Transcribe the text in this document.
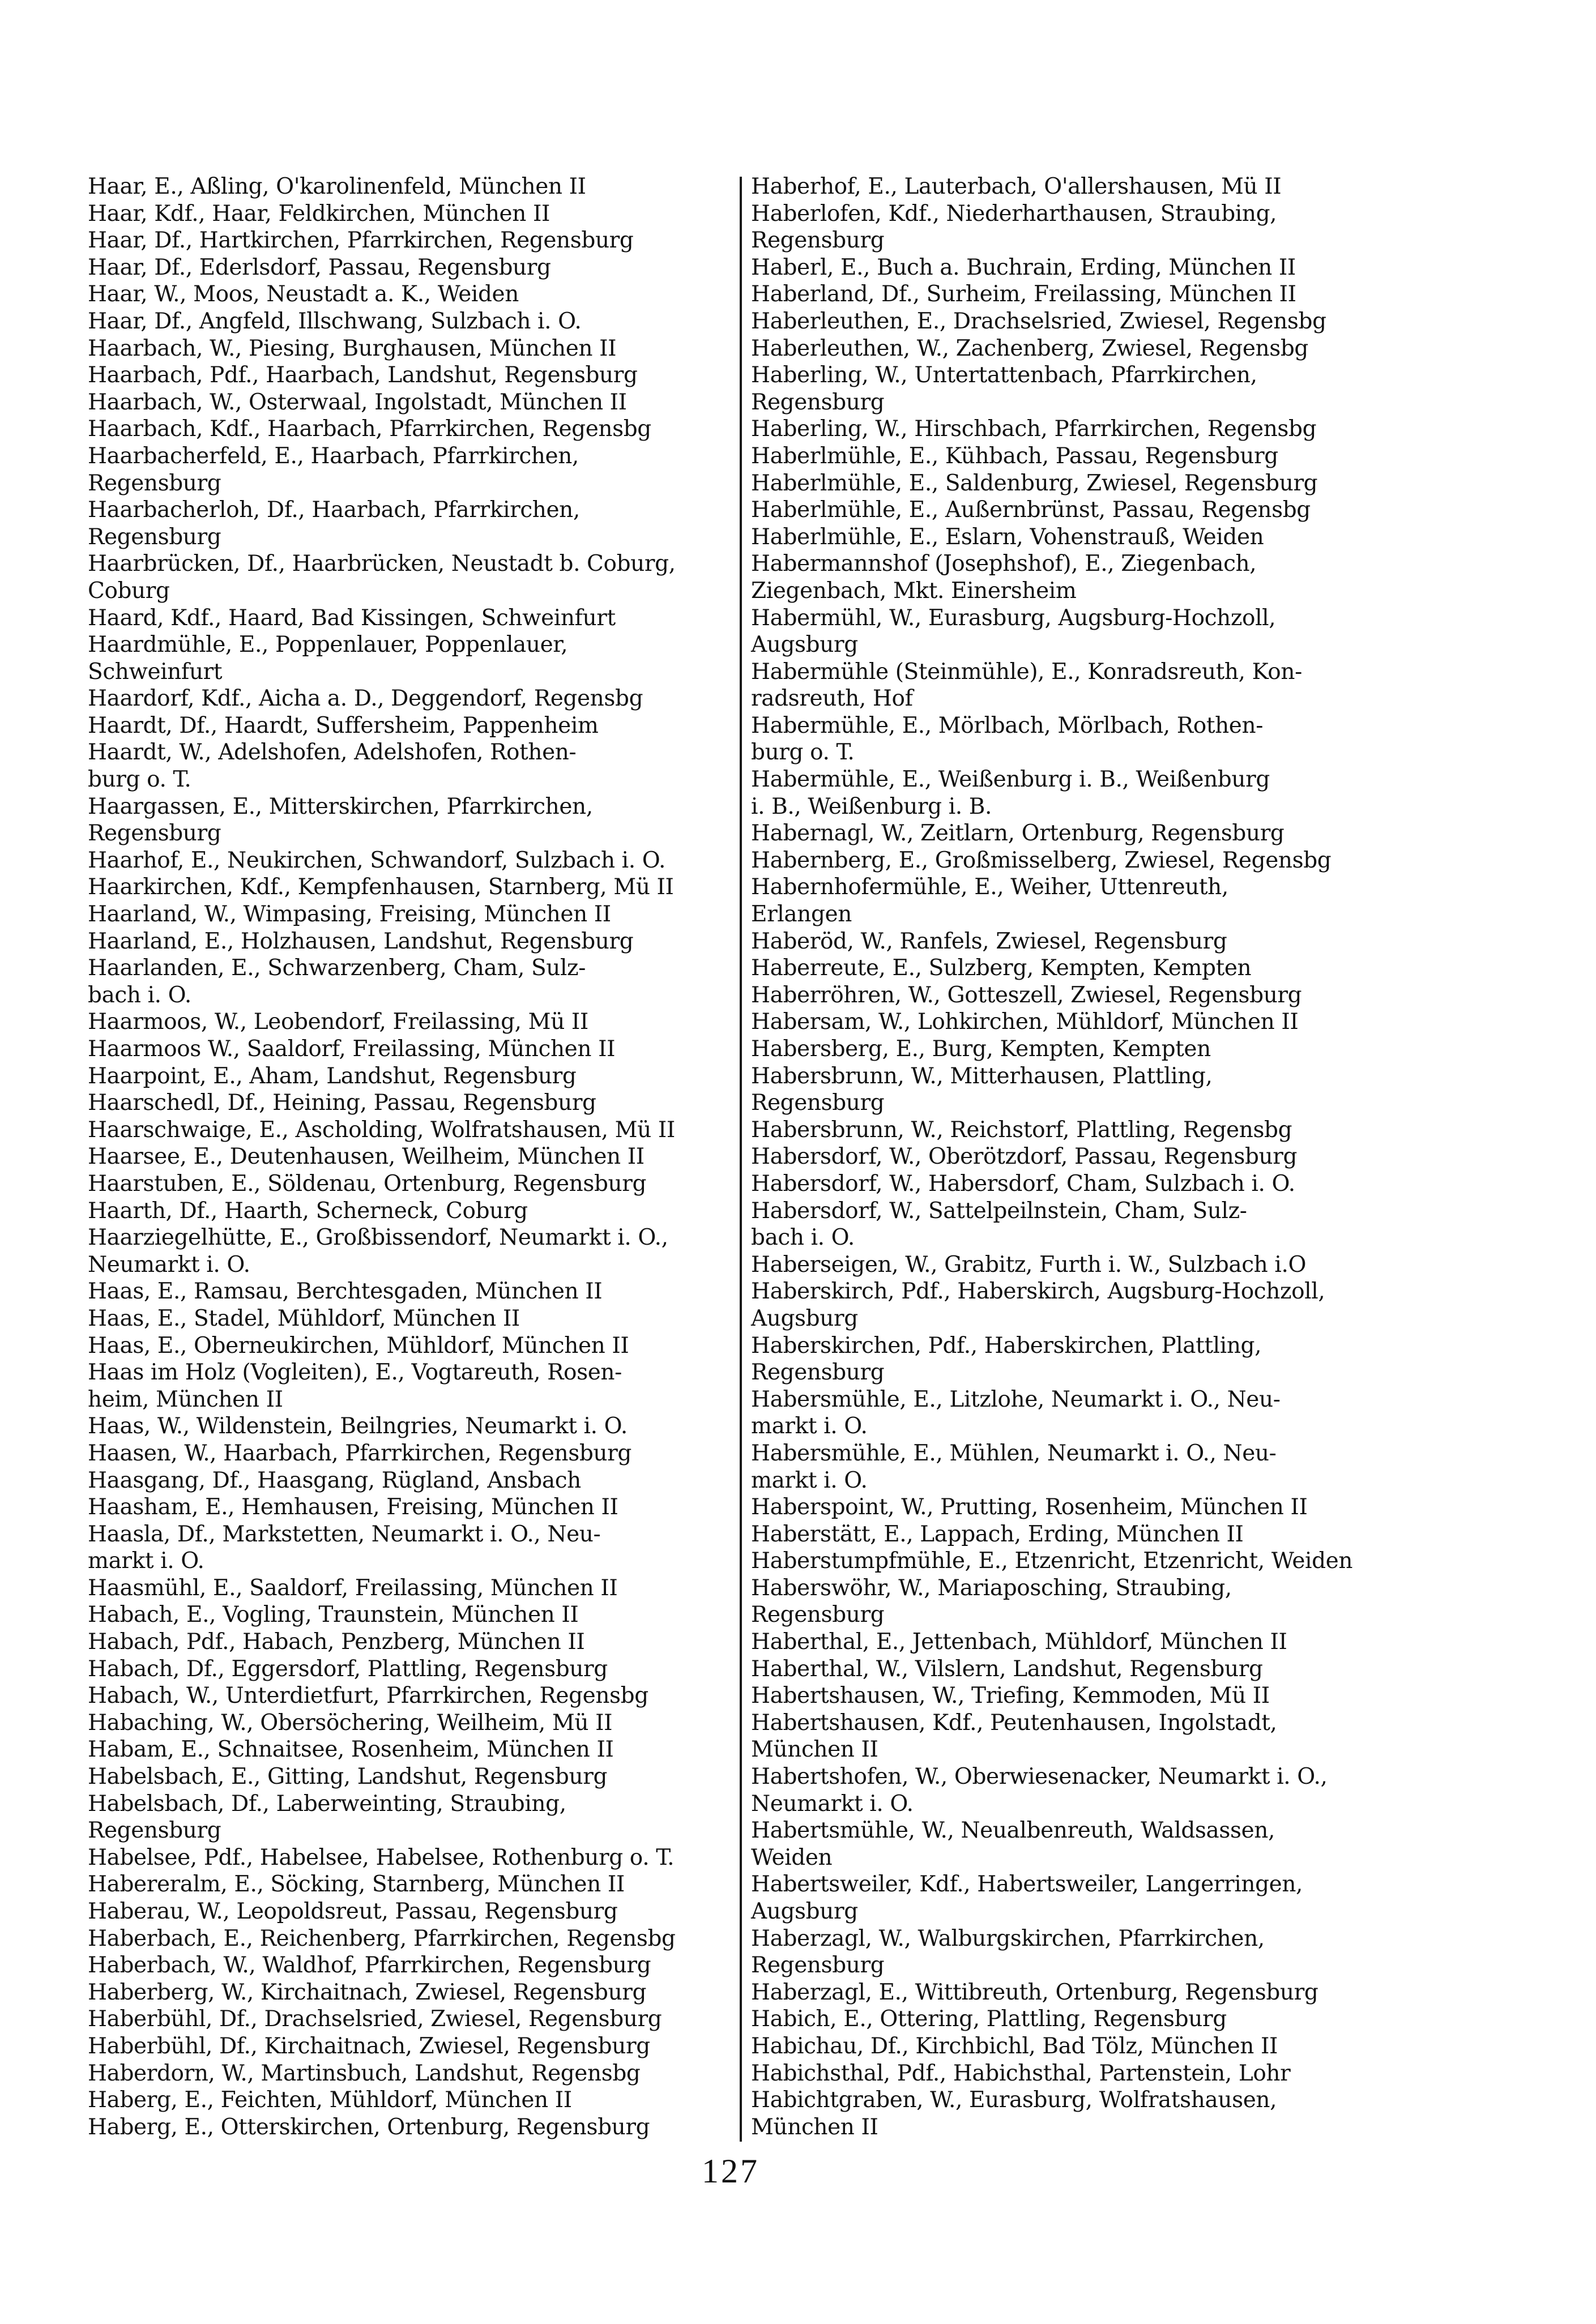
Haar, E., Aßling, O'karolinenfeld, München II
Haar, Kdf., Haar, Feldkirchen, München II
Haar, Df., Hartkirchen, Pfarrkirchen, Regensburg
Haar, Df., Ederlsdorf, Passau, Regensburg
Haar, W., Moos, Neustadt a. K., Weiden
Haar, Df., Angfeld, Illschwang, Sulzbach i. O.
Haarbach, W., Piesing, Burghausen, München II
Haarbach, Pdf., Haarbach, Landshut, Regensburg
Haarbach, W., Osterwaal, Ingolstadt, München II
Haarbach, Kdf., Haarbach, Pfarrkirchen, Regensbg
Haarbacherfeld, E., Haarbach, Pfarrkirchen,
Regensburg
Haarbacherloh, Df., Haarbach, Pfarrkirchen,
Regensburg
Haarbrücken, Df., Haarbrücken, Neustadt b. Coburg,
Coburg
Haard, Kdf., Haard, Bad Kissingen, Schweinfurt
Haardmühle, E., Poppenlauer, Poppenlauer,
Schweinfurt
Haardorf, Kdf., Aicha a. D., Deggendorf, Regensbg
Haardt, Df., Haardt, Suffersheim, Pappenheim
Haardt, W., Adelshofen, Adelshofen, Rothen-
burg o. T.
Haargassen, E., Mitterskirchen, Pfarrkirchen,
Regensburg
Haarhof, E., Neukirchen, Schwandorf, Sulzbach i. O.
Haarkirchen, Kdf., Kempfenhausen, Starnberg, Mü II
Haarland, W., Wimpasing, Freising, München II
Haarland, E., Holzhausen, Landshut, Regensburg
Haarlanden, E., Schwarzenberg, Cham, Sulz-
bach i. O.
Haarmoos, W., Leobendorf, Freilassing, Mü II
Haarmoos W., Saaldorf, Freilassing, München II
Haarpoint, E., Aham, Landshut, Regensburg
Haarschedl, Df., Heining, Passau, Regensburg
Haarschwaige, E., Ascholding, Wolfratshausen, Mü II
Haarsee, E., Deutenhausen, Weilheim, München II
Haarstuben, E., Söldenau, Ortenburg, Regensburg
Haarth, Df., Haarth, Scherneck, Coburg
Haarziegelhütte, E., Großbissendorf, Neumarkt i. O.,
Neumarkt i. O.
Haas, E., Ramsau, Berchtesgaden, München II
Haas, E., Stadel, Mühldorf, München II
Haas, E., Oberneukirchen, Mühldorf, München II
Haas im Holz (Vogleiten), E., Vogtareuth, Rosen-
heim, München II
Haas, W., Wildenstein, Beilngries, Neumarkt i. O.
Haasen, W., Haarbach, Pfarrkirchen, Regensburg
Haasgang, Df., Haasgang, Rügland, Ansbach
Haasham, E., Hemhausen, Freising, München II
Haasla, Df., Markstetten, Neumarkt i. O., Neu-
markt i. O.
Haasmühl, E., Saaldorf, Freilassing, München II
Habach, E., Vogling, Traunstein, München II
Habach, Pdf., Habach, Penzberg, München II
Habach, Df., Eggersdorf, Plattling, Regensburg
Habach, W., Unterdietfurt, Pfarrkirchen, Regensbg
Habaching, W., Obersöchering, Weilheim, Mü II
Habam, E., Schnaitsee, Rosenheim, München II
Habelsbach, E., Gitting, Landshut, Regensburg
Habelsbach, Df., Laberweinting, Straubing,
Regensburg
Habelsee, Pdf., Habelsee, Habelsee, Rothenburg o. T.
Habereralm, E., Söcking, Starnberg, München II
Haberau, W., Leopoldsreut, Passau, Regensburg
Haberbach, E., Reichenberg, Pfarrkirchen, Regensbg
Haberbach, W., Waldhof, Pfarrkirchen, Regensburg
Haberberg, W., Kirchaitnach, Zwiesel, Regensburg
Haberbühl, Df., Drachselsried, Zwiesel, Regensburg
Haberbühl, Df., Kirchaitnach, Zwiesel, Regensburg
Haberdorn, W., Martinsbuch, Landshut, Regensbg
Haberg, E., Feichten, Mühldorf, München II
Haberg, E., Otterskirchen, Ortenburg, Regensburg
Haberhof, E., Lauterbach, O'allershausen, Mü II
Haberlofen, Kdf., Niederharthausen, Straubing,
Regensburg
Haberl, E., Buch a. Buchrain, Erding, München II
Haberland, Df., Surheim, Freilassing, München II
Haberleuthen, E., Drachselsried, Zwiesel, Regensbg
Haberleuthen, W., Zachenberg, Zwiesel, Regensbg
Haberling, W., Untertattenbach, Pfarrkirchen,
Regensburg
Haberling, W., Hirschbach, Pfarrkirchen, Regensbg
Haberlmühle, E., Kühbach, Passau, Regensburg
Haberlmühle, E., Saldenburg, Zwiesel, Regensburg
Haberlmühle, E., Außernbrünst, Passau, Regensbg
Haberlmühle, E., Eslarn, Vohenstrauß, Weiden
Habermannshof (Josephshof), E., Ziegenbach,
Ziegenbach, Mkt. Einersheim
Habermühl, W., Eurasburg, Augsburg-Hochzoll,
Augsburg
Habermühle (Steinmühle), E., Konradsreuth, Kon-
radsreuth, Hof
Habermühle, E., Mörlbach, Mörlbach, Rothen-
burg o. T.
Habermühle, E., Weißenburg i. B., Weißenburg
i. B., Weißenburg i. B.
Habernagl, W., Zeitlarn, Ortenburg, Regensburg
Habernberg, E., Großmisselberg, Zwiesel, Regensbg
Habernhofermühle, E., Weiher, Uttenreuth,
Erlangen
Haberöd, W., Ranfels, Zwiesel, Regensburg
Haberreute, E., Sulzberg, Kempten, Kempten
Haberröhren, W., Gotteszell, Zwiesel, Regensburg
Habersam, W., Lohkirchen, Mühldorf, München II
Habersberg, E., Burg, Kempten, Kempten
Habersbrunn, W., Mitterhausen, Plattling,
Regensburg
Habersbrunn, W., Reichstorf, Plattling, Regensbg
Habersdorf, W., Oberötzdorf, Passau, Regensburg
Habersdorf, W., Habersdorf, Cham, Sulzbach i. O.
Habersdorf, W., Sattelpeilnstein, Cham, Sulz-
bach i. O.
Haberseigen, W., Grabitz, Furth i. W., Sulzbach i.O
Haberskirch, Pdf., Haberskirch, Augsburg-Hochzoll,
Augsburg
Haberskirchen, Pdf., Haberskirchen, Plattling,
Regensburg
Habersmühle, E., Litzlohe, Neumarkt i. O., Neu-
markt i. O.
Habersmühle, E., Mühlen, Neumarkt i. O., Neu-
markt i. O.
Haberspoint, W., Prutting, Rosenheim, München II
Haberstätt, E., Lappach, Erding, München II
Haberstumpfmühle, E., Etzenricht, Etzenricht, Weiden
Haberswöhr, W., Mariaposching, Straubing,
Regensburg
Haberthal, E., Jettenbach, Mühldorf, München II
Haberthal, W., Vilslern, Landshut, Regensburg
Habertshausen, W., Triefing, Kemmoden, Mü II
Habertshausen, Kdf., Peutenhausen, Ingolstadt,
München II
Habertshofen, W., Oberwiesenacker, Neumarkt i. O.,
Neumarkt i. O.
Habertsmühle, W., Neualbenreuth, Waldsassen,
Weiden
Habertsweiler, Kdf., Habertsweiler, Langerringen,
Augsburg
Haberzagl, W., Walburgskirchen, Pfarrkirchen,
Regensburg
Haberzagl, E., Wittibreuth, Ortenburg, Regensburg
Habich, E., Ottering, Plattling, Regensburg
Habichau, Df., Kirchbichl, Bad Tölz, München II
Habichsthal, Pdf., Habichsthal, Partenstein, Lohr
Habichtgraben, W., Eurasburg, Wolfratshausen,
München II
127
